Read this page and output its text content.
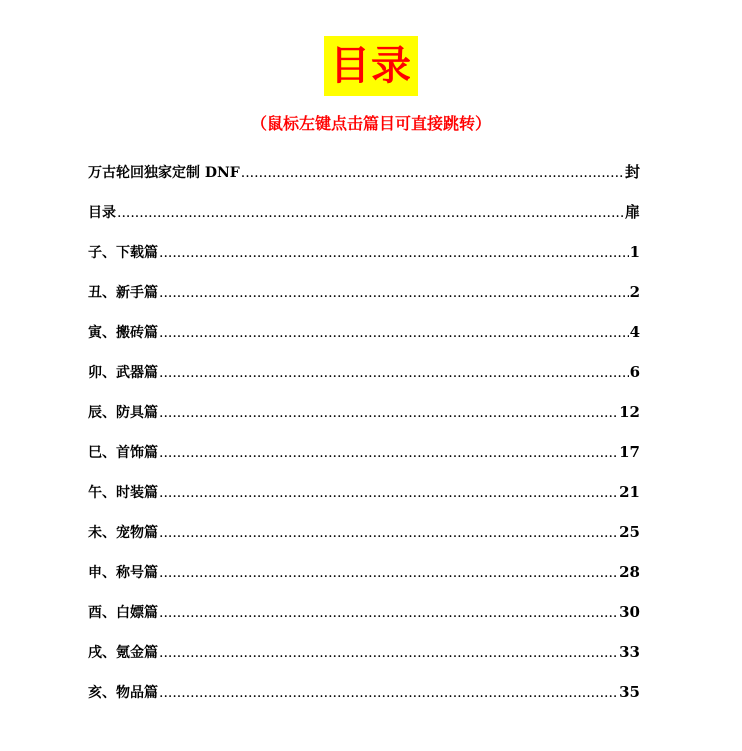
目录
（鼠标左键点击篇目可直接跳转）
万古轮回独家定制 DNF .....	封
目录 .....	扉
子、下载篇 .....	1
丑、新手篇 .....	2
寅、搬砖篇 .....	4
卯、武器篇 .....	6
辰、防具篇 .....	12
巳、首饰篇 .....	17
午、时装篇 .....	21
未、宠物篇 .....	25
申、称号篇 .....	28
酉、白嫖篇 .....	30
戌、氪金篇 .....	33
亥、物品篇 .....	35
